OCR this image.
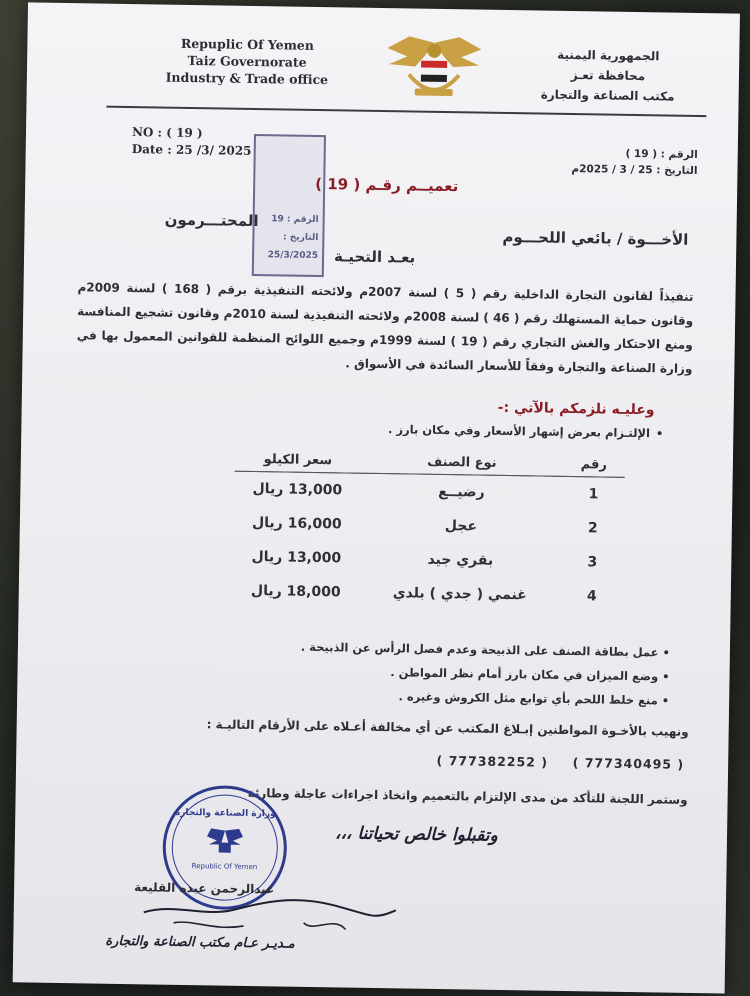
Repuplic Of Yemen
Taiz Governorate
Industry & Trade office
الجمهورية اليمنية
محافظة تعـز
مكتب الصناعة والتجارة
NO : ( 19 )
Date : 25 /3/ 2025	الرقم : ( 19 )
التاريخ : 25 / 3 / 2025م
الرقم : 19
التاريخ : 25/3/2025
تعميــم رقـم ( 19 )
الأخـــوة / بائعي اللحـــوم
المحتـــرمون
بعـد التحيـة
تنفيذاً لقانون التجارة الداخلية رقم ( 5 ) لسنة 2007م ولائحته التنفيذية برقم ( 168 ) لسنة 2009م وقانون حماية المستهلك رقم ( 46 ) لسنة 2008م ولائحته التنفيذية لسنة 2010م وقانون تشجيع المنافسة ومنع الاحتكار والغش التجاري رقم ( 19 ) لسنة 1999م وجميع اللوائح المنظمة للقوانين المعمول بها في وزارة الصناعة والتجارة وفقاً للأسعار السائدة في الأسواق .
وعليـه نلزمكم بالآتي :-
•الإلتـزام بعرض إشهار الأسعار وفي مكان بارز .
رقم	نوع الصنف	سعر الكيلو
1	رضيــع	13,000 ريال
2	عجل	16,000 ريال
3	بقري جيد	13,000 ريال
4	غنمي ( جدي ) بلدي	18,000 ريال
• عمل بطاقة الصنف على الذبيحة وعدم فصل الرأس عن الذبيحة .
• وضع الميزان في مكان بارز أمام نظر المواطن .
• منع خلط اللحم بأي توابع مثل الكروش وغيره .
ونهيب بالأخـوة المواطنين إبـلاغ المكتب عن أي مخالفة أعـلاه على الأرقام التاليـة :
( 777340495 )  ( 777382252 )
وستمر اللجنة للتأكد من مدى الإلتزام بالتعميم واتخاذ اجراءات عاجلة وطارئة
وتقبلوا خالص تحياتنا ،،،
وزارة الصناعة والتجارة
Republic Of Yemen
عبدالرحمن عبده القليعة
مـديـر عـام مكتب الصناعة والتجارة
